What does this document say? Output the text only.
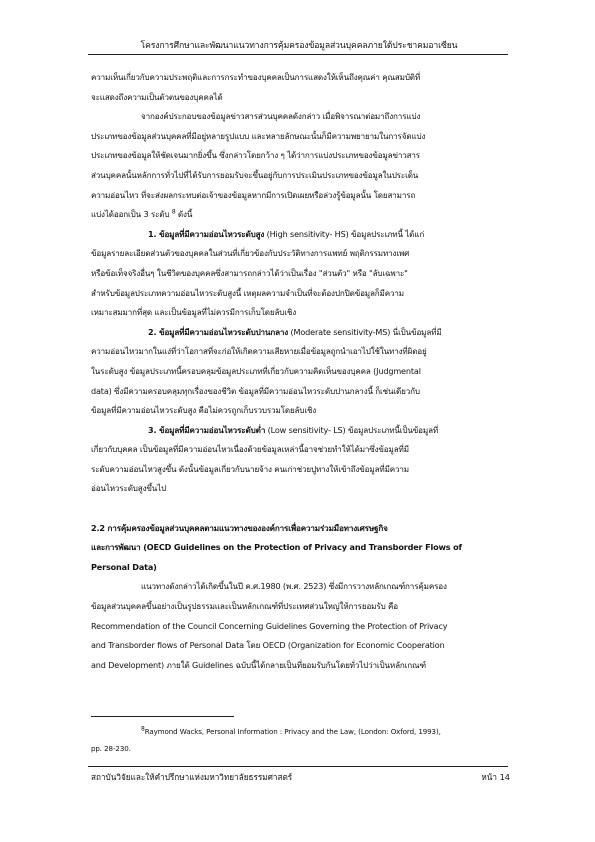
โครงการศึกษาและพัฒนาแนวทางการคุ้มครองข้อมูลส่วนบุคคลภายใต้ประชาคมอาเซียน
ความเห็นเกี่ยวกับความประพฤติและการกระทำของบุคคลเป็นการแสดงให้เห็นถึงคุณค่า คุณสมบัติที่
จะแสดงถึงความเป็นตัวตนของบุคคลได้
จากองค์ประกอบของข้อมูลข่าวสารส่วนบุคคลดังกล่าว เมื่อพิจารณาต่อมาถึงการแบ่ง
ประเภทของข้อมูลส่วนบุคคลที่มีอยู่หลายรูปแบบ และหลายลักษณะนั้นก็มีความพยายามในการจัดแบ่ง
ประเภทของข้อมูลให้ชัดเจนมากยิ่งขึ้น ซึ่งกล่าวโดยกว้าง ๆ ได้ว่าการแบ่งประเภทของข้อมูลข่าวสาร
ส่วนบุคคลนั้นหลักการทั่วไปที่ได้รับการยอมรับจะขึ้นอยู่กับการประเมินประเภทของข้อมูลในประเด็น
ความอ่อนไหว ที่จะส่งผลกระทบต่อเจ้าของข้อมูลหากมีการเปิดเผยหรือล่วงรู้ข้อมูลนั้น โดยสามารถ
แบ่งได้ออกเป็น 3 ระดับ $^8$ ดังนี้
1. ข้อมูลที่มีความอ่อนไหวระดับสูง (High sensitivity- HS) ข้อมูลประเภทนี้ ได้แก่
ข้อมูลรายละเอียดส่วนตัวของบุคคลในส่วนที่เกี่ยวข้องกับประวัติทางการแพทย์ พฤติกรรมทางเพศ
หรือข้อเท็จจริงอื่นๆ ในชีวิตของบุคคลซึ่งสามารถกล่าวได้ว่าเป็นเรื่อง "ส่วนตัว" หรือ "ลับเฉพาะ"
สำหรับข้อมูลประเภทความอ่อนไหวระดับสูงนี้ เหตุผลความจำเป็นที่จะต้องปกปิดข้อมูลก็มีความ
เหมาะสมมากที่สุด และเป็นข้อมูลที่ไม่ควรมีการเก็บโดยลับเชิง
2. ข้อมูลที่มีความอ่อนไหวระดับปานกลาง (Moderate sensitivity-MS) นี่เป็นข้อมูลที่มี
ความอ่อนไหวมากในแง่ที่ว่าโอกาสที่จะก่อให้เกิดความเสียหายเมื่อข้อมูลถูกนำเอาไปใช้ในทางที่ผิดอยู่
ในระดับสูง ข้อมูลประเภทนี้ครอบคลุมข้อมูลประเภทที่เกี่ยวกับความคิดเห็นของบุคคล (Judgmental
data) ซึ่งมีความครอบคลุมทุกเรื่องของชีวิต ข้อมูลที่มีความอ่อนไหวระดับปานกลางนี้ ก็เช่นเดียวกับ
ข้อมูลที่มีความอ่อนไหวระดับสูง คือไม่ควรถูกเก็บรวบรวมโดยลับเชิง
3. ข้อมูลที่มีความอ่อนไหวระดับต่ำ (Low sensitivity- LS) ข้อมูลประเภทนี้เป็นข้อมูลที่
เกี่ยวกับบุคคล เป็นข้อมูลที่มีความอ่อนไหวเนื่องด้วยข้อมูลเหล่านี้อาจช่วยทำให้ได้มาซึ่งข้อมูลที่มี
ระดับความอ่อนไหวสูงขึ้น ดังนั้นข้อมูลเกี่ยวกับนายจ้าง คนเก่าช่วยปูทางให้เข้าถึงข้อมูลที่มีความ
อ่อนไหวระดับสูงขึ้นไป
2.2 การคุ้มครองข้อมูลส่วนบุคคลตามแนวทางขององค์การเพื่อความร่วมมือทางเศรษฐกิจ
และการพัฒนา (OECD Guidelines on the Protection of Privacy and Transborder Flows of
Personal Data)
แนวทางดังกล่าวได้เกิดขึ้นในปี ค.ศ.1980 (พ.ศ. 2523) ซึ่งมีการวางหลักเกณฑ์การคุ้มครอง
ข้อมูลส่วนบุคคลขึ้นอย่างเป็นรูปธรรมและเป็นหลักเกณฑ์ที่ประเทศส่วนใหญ่ให้การยอมรับ คือ
Recommendation of the Council Concerning Guidelines Governing the Protection of Privacy
and Transborder flows of Personal Data โดย OECD (Organization for Economic Cooperation
and Development) ภายใต้ Guidelines ฉบับนี้ได้กลายเป็นที่ยอมรับกันโดยทั่วไปว่าเป็นหลักเกณฑ์
$^8$Raymond Wacks, Personal Information : Privacy and the Law, (London: Oxford, 1993),
pp. 28-230.
สถาบันวิจัยและให้คำปรึกษาแห่งมหาวิทยาลัยธรรมศาสตร์	หน้า 14
